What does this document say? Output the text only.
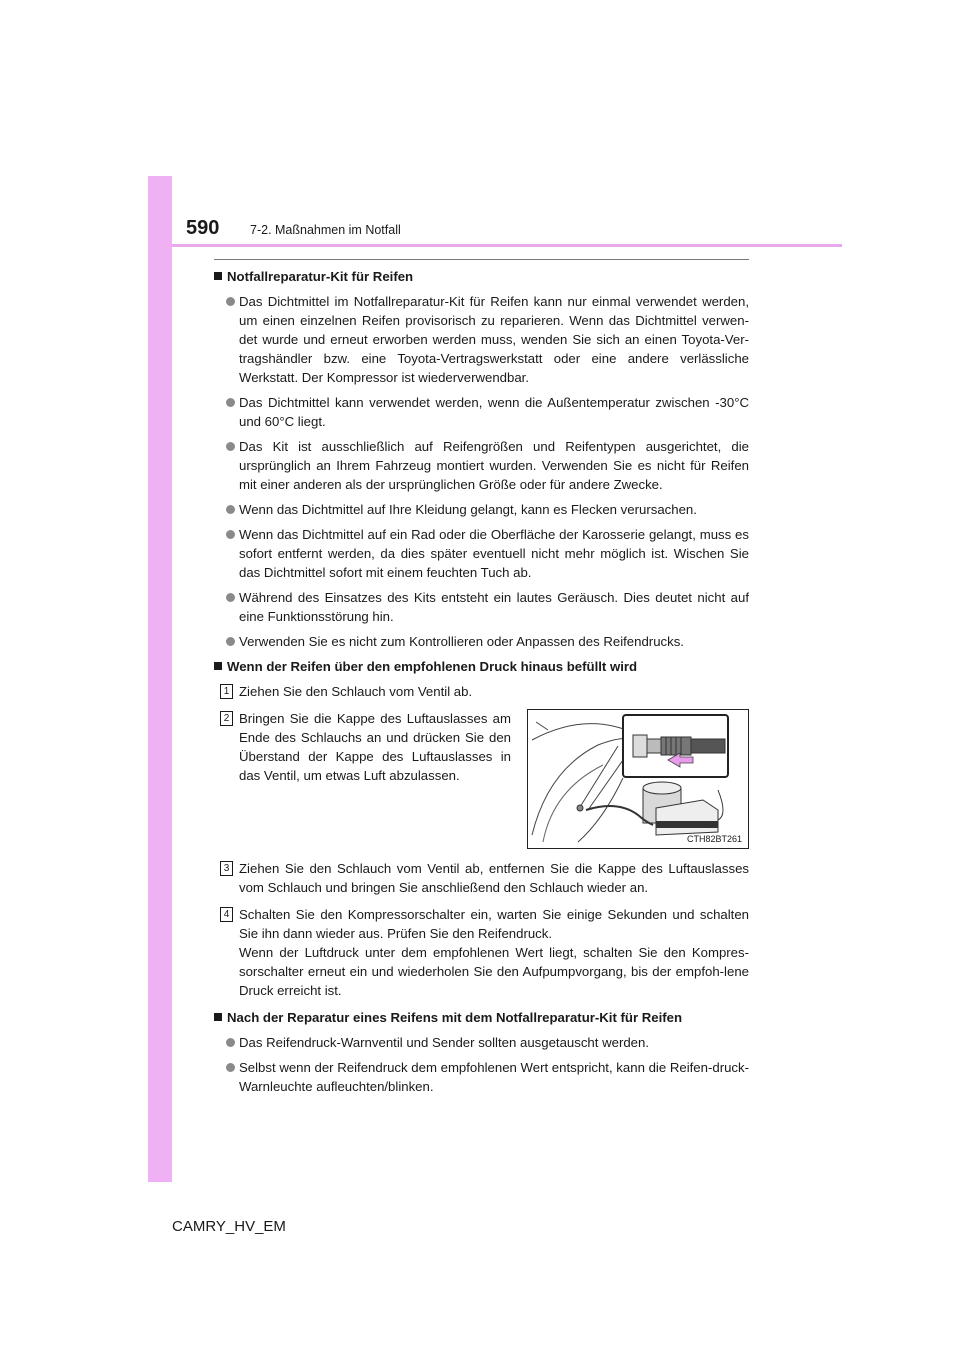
590 7-2. Maßnahmen im Notfall
Notfallreparatur-Kit für Reifen
Das Dichtmittel im Notfallreparatur-Kit für Reifen kann nur einmal verwendet werden, um einen einzelnen Reifen provisorisch zu reparieren. Wenn das Dichtmittel verwen-det wurde und erneut erworben werden muss, wenden Sie sich an einen Toyota-Ver-tragshändler bzw. eine Toyota-Vertragswerkstatt oder eine andere verlässliche Werkstatt. Der Kompressor ist wiederverwendbar.
Das Dichtmittel kann verwendet werden, wenn die Außentemperatur zwischen -30°C und 60°C liegt.
Das Kit ist ausschließlich auf Reifengrößen und Reifentypen ausgerichtet, die ursprünglich an Ihrem Fahrzeug montiert wurden. Verwenden Sie es nicht für Reifen mit einer anderen als der ursprünglichen Größe oder für andere Zwecke.
Wenn das Dichtmittel auf Ihre Kleidung gelangt, kann es Flecken verursachen.
Wenn das Dichtmittel auf ein Rad oder die Oberfläche der Karosserie gelangt, muss es sofort entfernt werden, da dies später eventuell nicht mehr möglich ist. Wischen Sie das Dichtmittel sofort mit einem feuchten Tuch ab.
Während des Einsatzes des Kits entsteht ein lautes Geräusch. Dies deutet nicht auf eine Funktionsstörung hin.
Verwenden Sie es nicht zum Kontrollieren oder Anpassen des Reifendrucks.
Wenn der Reifen über den empfohlenen Druck hinaus befüllt wird
1 Ziehen Sie den Schlauch vom Ventil ab.
2 Bringen Sie die Kappe des Luftauslasses am Ende des Schlauchs an und drücken Sie den Überstand der Kappe des Luftauslasses in das Ventil, um etwas Luft abzulassen.
CTH82BT261
3 Ziehen Sie den Schlauch vom Ventil ab, entfernen Sie die Kappe des Luftauslasses vom Schlauch und bringen Sie anschließend den Schlauch wieder an.
4 Schalten Sie den Kompressorschalter ein, warten Sie einige Sekunden und schalten Sie ihn dann wieder aus. Prüfen Sie den Reifendruck.
Wenn der Luftdruck unter dem empfohlenen Wert liegt, schalten Sie den Kompres-sorschalter erneut ein und wiederholen Sie den Aufpumpvorgang, bis der empfoh-lene Druck erreicht ist.
Nach der Reparatur eines Reifens mit dem Notfallreparatur-Kit für Reifen
Das Reifendruck-Warnventil und Sender sollten ausgetauscht werden.
Selbst wenn der Reifendruck dem empfohlenen Wert entspricht, kann die Reifen-druck-Warnleuchte aufleuchten/blinken.
CAMRY_HV_EM
